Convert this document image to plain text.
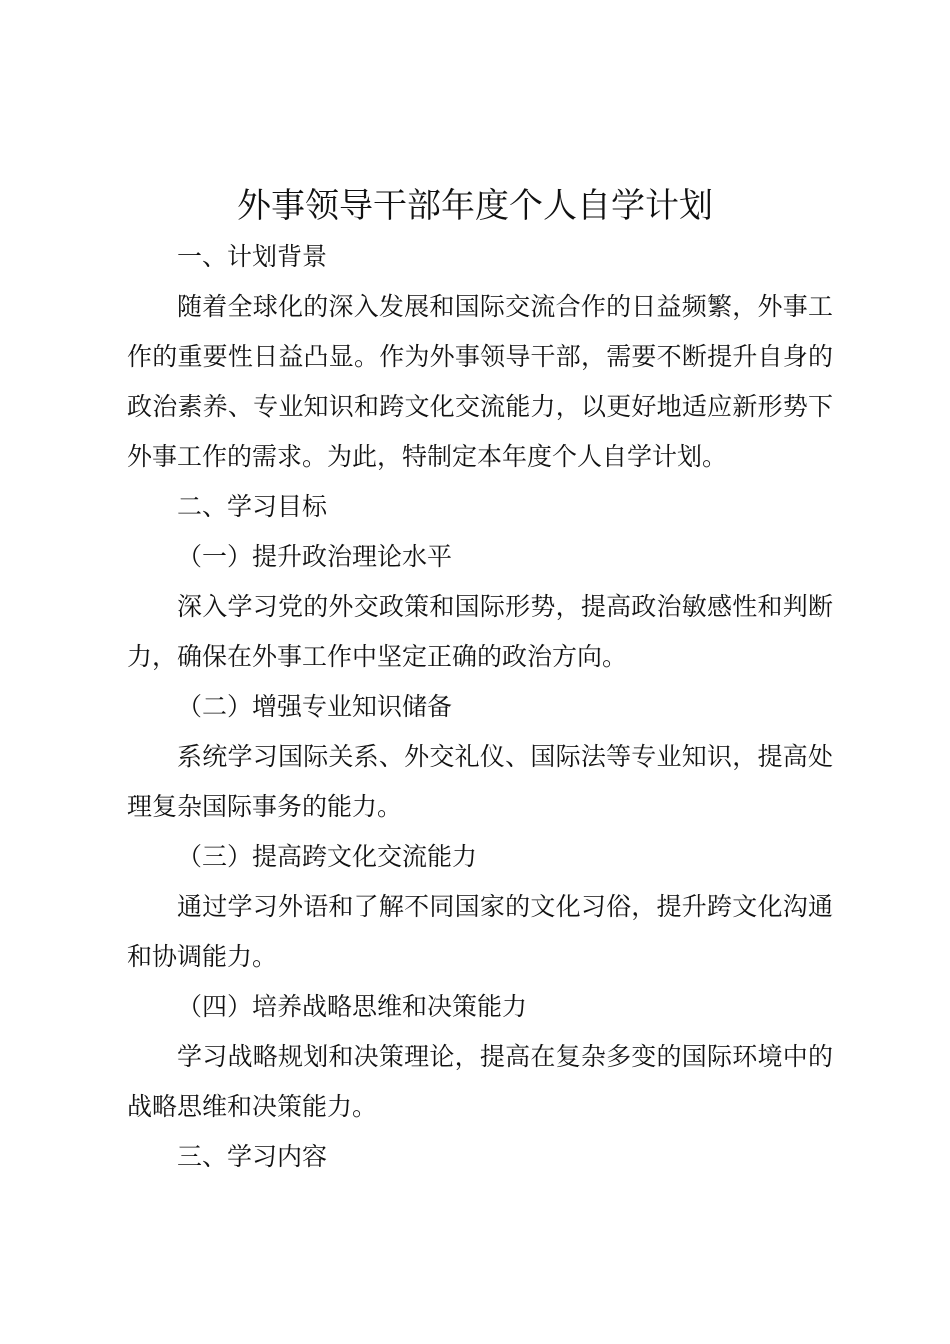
外事领导干部年度个人自学计划

一、计划背景

随着全球化的深入发展和国际交流合作的日益频繁，外事工作的重要性日益凸显。作为外事领导干部，需要不断提升自身的政治素养、专业知识和跨文化交流能力，以更好地适应新形势下外事工作的需求。为此，特制定本年度个人自学计划。

二、学习目标

（一）提升政治理论水平

深入学习党的外交政策和国际形势，提高政治敏感性和判断力，确保在外事工作中坚定正确的政治方向。

（二）增强专业知识储备

系统学习国际关系、外交礼仪、国际法等专业知识，提高处理复杂国际事务的能力。

（三）提高跨文化交流能力

通过学习外语和了解不同国家的文化习俗，提升跨文化沟通和协调能力。

（四）培养战略思维和决策能力

学习战略规划和决策理论，提高在复杂多变的国际环境中的战略思维和决策能力。

三、学习内容
